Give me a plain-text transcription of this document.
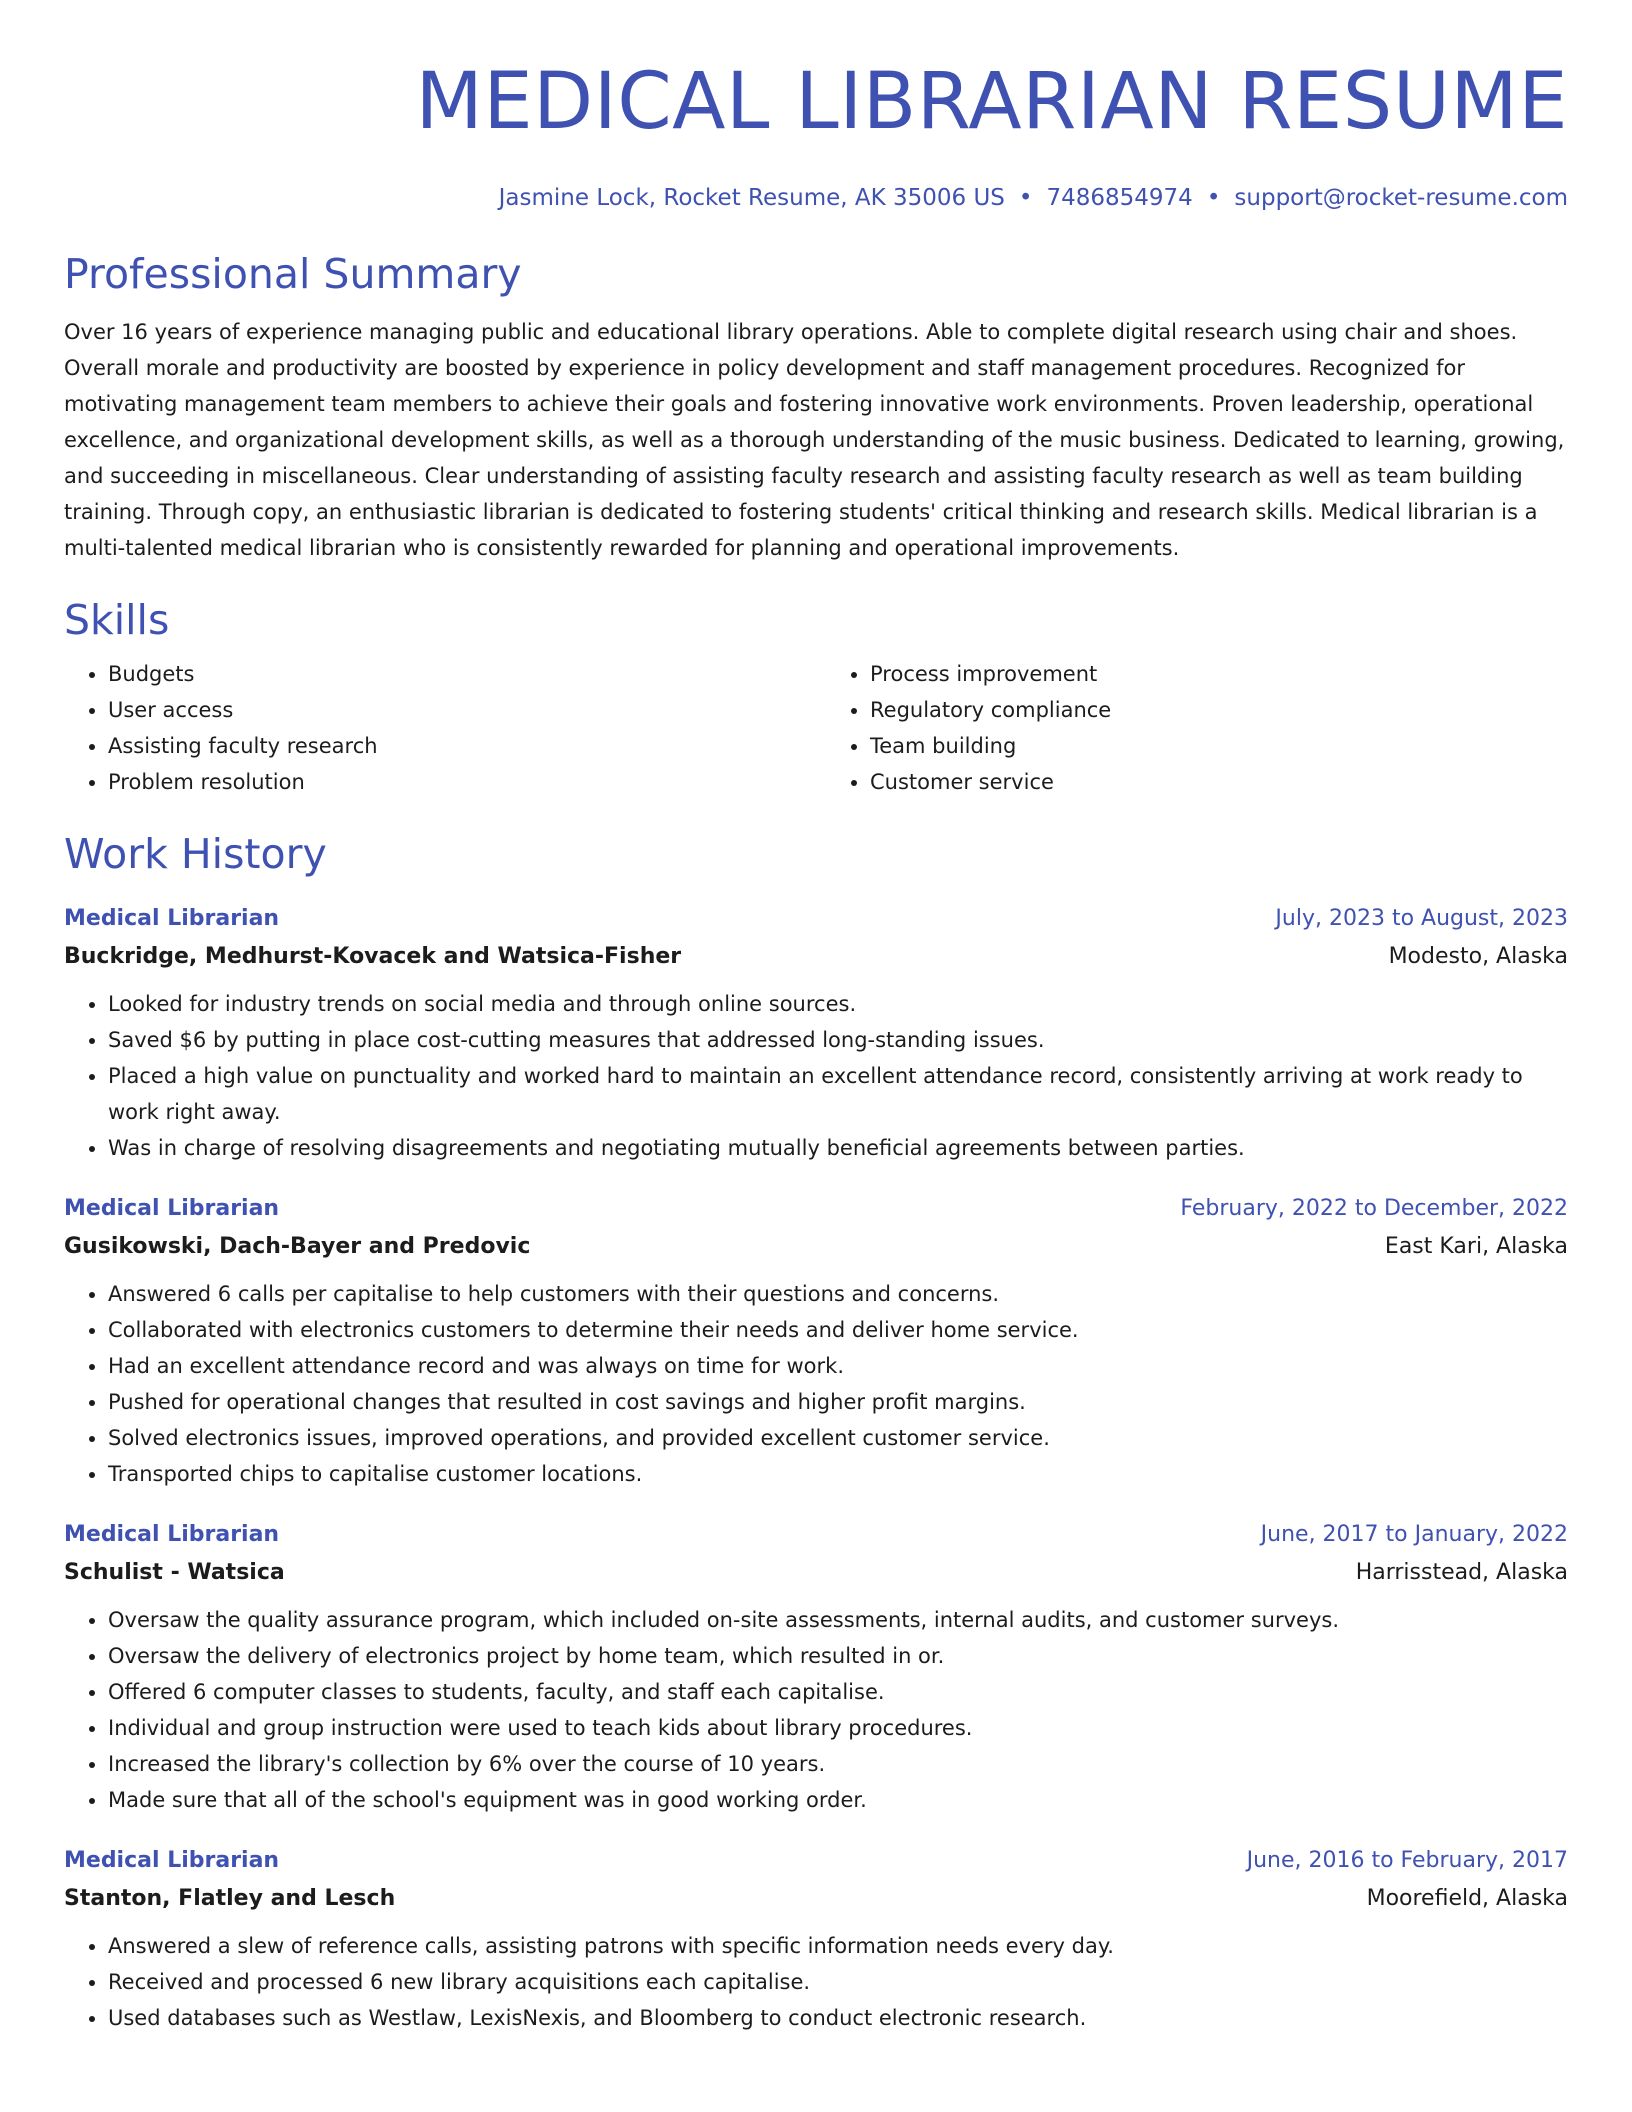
MEDICAL LIBRARIAN RESUME
Jasmine Lock, Rocket Resume, AK 35006 US • 7486854974 • support@rocket-resume.com
Professional Summary

Over 16 years of experience managing public and educational library operations. Able to complete digital research using chair and shoes. Overall morale and productivity are boosted by experience in policy development and staff management procedures. Recognized for motivating management team members to achieve their goals and fostering innovative work environments. Proven leadership, operational excellence, and organizational development skills, as well as a thorough understanding of the music business. Dedicated to learning, growing, and succeeding in miscellaneous. Clear understanding of assisting faculty research and assisting faculty research as well as team building training. Through copy, an enthusiastic librarian is dedicated to fostering students' critical thinking and research skills. Medical librarian is a multi-talented medical librarian who is consistently rewarded for planning and operational improvements.

Skills
• Budgets
• User access
• Assisting faculty research
• Problem resolution
• Process improvement
• Regulatory compliance
• Team building
• Customer service
Work History
Medical Librarian	July, 2023 to August, 2023
Buckridge, Medhurst-Kovacek and Watsica-Fisher	Modesto, Alaska
• Looked for industry trends on social media and through online sources.
• Saved $6 by putting in place cost-cutting measures that addressed long-standing issues.
• Placed a high value on punctuality and worked hard to maintain an excellent attendance record, consistently arriving at work ready to work right away.
• Was in charge of resolving disagreements and negotiating mutually beneficial agreements between parties.
Medical Librarian	February, 2022 to December, 2022
Gusikowski, Dach-Bayer and Predovic	East Kari, Alaska
• Answered 6 calls per capitalise to help customers with their questions and concerns.
• Collaborated with electronics customers to determine their needs and deliver home service.
• Had an excellent attendance record and was always on time for work.
• Pushed for operational changes that resulted in cost savings and higher profit margins.
• Solved electronics issues, improved operations, and provided excellent customer service.
• Transported chips to capitalise customer locations.
Medical Librarian	June, 2017 to January, 2022
Schulist - Watsica	Harrisstead, Alaska
• Oversaw the quality assurance program, which included on-site assessments, internal audits, and customer surveys.
• Oversaw the delivery of electronics project by home team, which resulted in or.
• Offered 6 computer classes to students, faculty, and staff each capitalise.
• Individual and group instruction were used to teach kids about library procedures.
• Increased the library's collection by 6% over the course of 10 years.
• Made sure that all of the school's equipment was in good working order.
Medical Librarian	June, 2016 to February, 2017
Stanton, Flatley and Lesch	Moorefield, Alaska
• Answered a slew of reference calls, assisting patrons with specific information needs every day.
• Received and processed 6 new library acquisitions each capitalise.
• Used databases such as Westlaw, LexisNexis, and Bloomberg to conduct electronic research.
